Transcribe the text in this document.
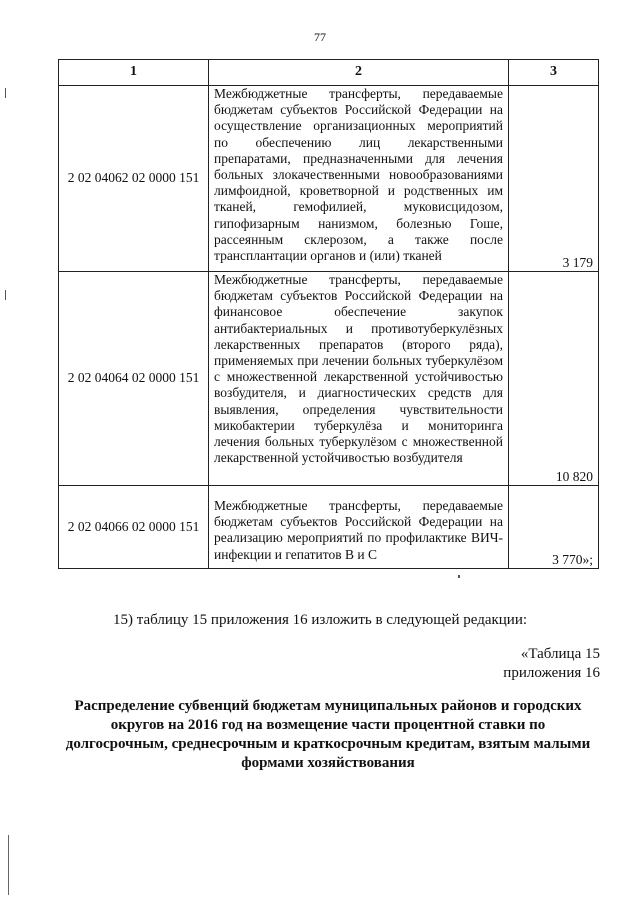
77
1	2	3
2 02 04062 02 0000 151	Межбюджетные трансферты, передаваемые бюджетам субъектов Российской Федерации на осуществление организационных мероприятий по обеспечению лиц лекарственными препаратами, предназначенными для лечения больных злокачественными новообразованиями лимфоидной, кроветворной и родственных им тканей, гемофилией, муковисцидозом, гипофизарным нанизмом, болезнью Гоше, рассеянным склерозом, а также после трансплантации органов и (или) тканей	3 179
2 02 04064 02 0000 151	Межбюджетные трансферты, передаваемые бюджетам субъектов Российской Федерации на финансовое обеспечение закупок антибактериальных и противотуберкулёзных лекарственных препаратов (второго ряда), применяемых при лечении больных туберкулёзом с множественной лекарственной устойчивостью возбудителя, и диагностических средств для выявления, определения чувствительности микобактерии туберкулёза и мониторинга лечения больных туберкулёзом с множественной лекарственной устойчивостью возбудителя	10 820
2 02 04066 02 0000 151	Межбюджетные трансферты, передаваемые бюджетам субъектов Российской Федерации на реализацию мероприятий по профилактике ВИЧ-инфекции и гепатитов B и C	3 770»;
15) таблицу 15 приложения 16 изложить в следующей редакции:
«Таблица 15
приложения 16
Распределение субвенций бюджетам муниципальных районов и городских округов на 2016 год на возмещение части процентной ставки по долгосрочным, среднесрочным и краткосрочным кредитам, взятым малыми формами хозяйствования
